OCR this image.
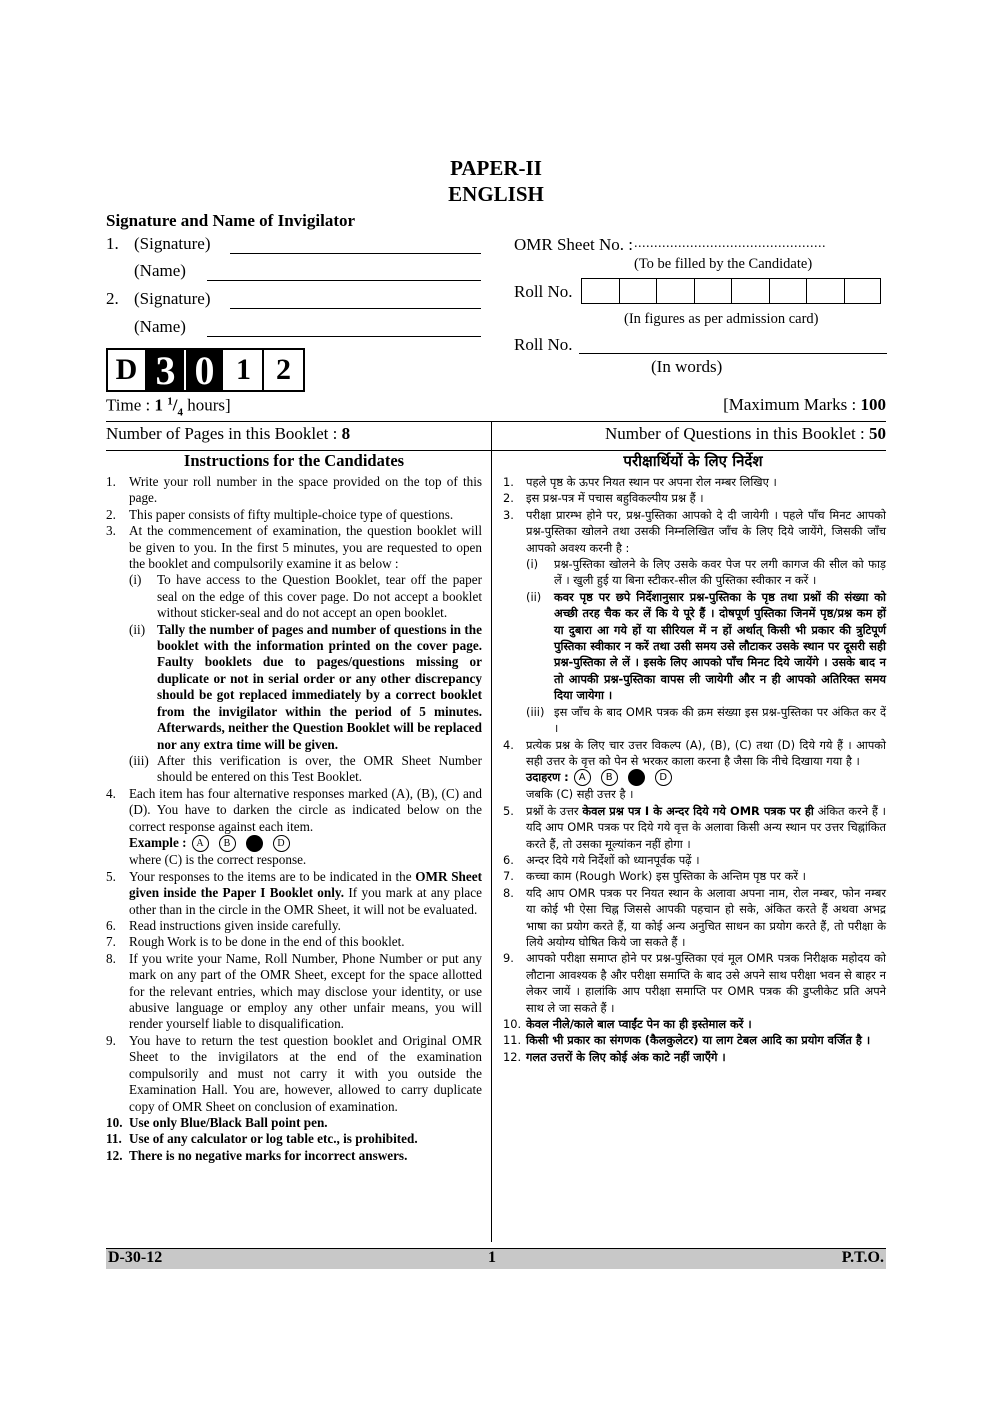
PAPER-II
ENGLISH
Signature and Name of Invigilator
1. (Signature)
(Name)
2. (Signature)
(Name)
D 3 0 1 2
OMR Sheet No. : ................................................
(To be filled by the Candidate)
Roll No.
(In figures as per admission card)
Roll No.
(In words)
Time : 1 $^1/_4$ hours]	[Maximum Marks : 100
Number of Pages in this Booklet : 8	Number of Questions in this Booklet : 50
Instructions for the Candidates
1. Write your roll number in the space provided on the top of this page.
2. This paper consists of fifty multiple-choice type of questions.
3. At the commencement of examination, the question booklet will be given to you. In the first 5 minutes, you are requested to open the booklet and compulsorily examine it as below :
(i) To have access to the Question Booklet, tear off the paper seal on the edge of this cover page. Do not accept a booklet without sticker-seal and do not accept an open booklet.
(ii) Tally the number of pages and number of questions in the booklet with the information printed on the cover page. Faulty booklets due to pages/questions missing or duplicate or not in serial order or any other discrepancy should be got replaced immediately by a correct booklet from the invigilator within the period of 5 minutes. Afterwards, neither the Question Booklet will be replaced nor any extra time will be given.
(iii) After this verification is over, the OMR Sheet Number should be entered on this Test Booklet.
4. Each item has four alternative responses marked (A), (B), (C) and (D). You have to darken the circle as indicated below on the correct response against each item.
Example : A B C D
where (C) is the correct response.
5. Your responses to the items are to be indicated in the OMR Sheet given inside the Paper I Booklet only. If you mark at any place other than in the circle in the OMR Sheet, it will not be evaluated.
6. Read instructions given inside carefully.
7. Rough Work is to be done in the end of this booklet.
8. If you write your Name, Roll Number, Phone Number or put any mark on any part of the OMR Sheet, except for the space allotted for the relevant entries, which may disclose your identity, or use abusive language or employ any other unfair means, you will render yourself liable to disqualification.
9. You have to return the test question booklet and Original OMR Sheet to the invigilators at the end of the examination compulsorily and must not carry it with you outside the Examination Hall. You are, however, allowed to carry duplicate copy of OMR Sheet on conclusion of examination.
10. Use only Blue/Black Ball point pen.
11. Use of any calculator or log table etc., is prohibited.
12. There is no negative marks for incorrect answers.
परीक्षार्थियों के लिए निर्देश
1. पहले पृष्ठ के ऊपर नियत स्थान पर अपना रोल नम्बर लिखिए ।
2. इस प्रश्न-पत्र में पचास बहुविकल्पीय प्रश्न हैं ।
3. परीक्षा प्रारम्भ होने पर, प्रश्न-पुस्तिका आपको दे दी जायेगी । पहले पाँच मिनट आपको प्रश्न-पुस्तिका खोलने तथा उसकी निम्नलिखित जाँच के लिए दिये जायेंगे, जिसकी जाँच आपको अवश्य करनी है :
(i) प्रश्न-पुस्तिका खोलने के लिए उसके कवर पेज पर लगी कागज की सील को फाड़ लें । खुली हुई या बिना स्टीकर-सील की पुस्तिका स्वीकार न करें ।
(ii) कवर पृष्ठ पर छपे निर्देशानुसार प्रश्न-पुस्तिका के पृष्ठ तथा प्रश्नों की संख्या को अच्छी तरह चैक कर लें कि ये पूरे हैं । दोषपूर्ण पुस्तिका जिनमें पृष्ठ/प्रश्न कम हों या दुबारा आ गये हों या सीरियल में न हों अर्थात् किसी भी प्रकार की त्रुटिपूर्ण पुस्तिका स्वीकार न करें तथा उसी समय उसे लौटाकर उसके स्थान पर दूसरी सही प्रश्न-पुस्तिका ले लें । इसके लिए आपको पाँच मिनट दिये जायेंगे । उसके बाद न तो आपकी प्रश्न-पुस्तिका वापस ली जायेगी और न ही आपको अतिरिक्त समय दिया जायेगा ।
(iii) इस जाँच के बाद OMR पत्रक की क्रम संख्या इस प्रश्न-पुस्तिका पर अंकित कर दें ।
4. प्रत्येक प्रश्न के लिए चार उत्तर विकल्प (A), (B), (C) तथा (D) दिये गये हैं । आपको सही उत्तर के वृत्त को पेन से भरकर काला करना है जैसा कि नीचे दिखाया गया है ।
उदाहरण : A B C D
जबकि (C) सही उत्तर है ।
5. प्रश्नों के उत्तर केवल प्रश्न पत्र I के अन्दर दिये गये OMR पत्रक पर ही अंकित करने हैं । यदि आप OMR पत्रक पर दिये गये वृत्त के अलावा किसी अन्य स्थान पर उत्तर चिह्नांकित करते हैं, तो उसका मूल्यांकन नहीं होगा ।
6. अन्दर दिये गये निर्देशों को ध्यानपूर्वक पढ़ें ।
7. कच्चा काम (Rough Work) इस पुस्तिका के अन्तिम पृष्ठ पर करें ।
8. यदि आप OMR पत्रक पर नियत स्थान के अलावा अपना नाम, रोल नम्बर, फोन नम्बर या कोई भी ऐसा चिह्न जिससे आपकी पहचान हो सके, अंकित करते हैं अथवा अभद्र भाषा का प्रयोग करते हैं, या कोई अन्य अनुचित साधन का प्रयोग करते हैं, तो परीक्षा के लिये अयोग्य घोषित किये जा सकते हैं ।
9. आपको परीक्षा समाप्त होने पर प्रश्न-पुस्तिका एवं मूल OMR पत्रक निरीक्षक महोदय को लौटाना आवश्यक है और परीक्षा समाप्ति के बाद उसे अपने साथ परीक्षा भवन से बाहर न लेकर जायें । हालांकि आप परीक्षा समाप्ति पर OMR पत्रक की डुप्लीकेट प्रति अपने साथ ले जा सकते हैं ।
10. केवल नीले/काले बाल प्वाईंट पेन का ही इस्तेमाल करें ।
11. किसी भी प्रकार का संगणक (कैलकुलेटर) या लाग टेबल आदि का प्रयोग वर्जित है ।
12. गलत उत्तरों के लिए कोई अंक काटे नहीं जाएँगे ।
D-30-12	1	P.T.O.
